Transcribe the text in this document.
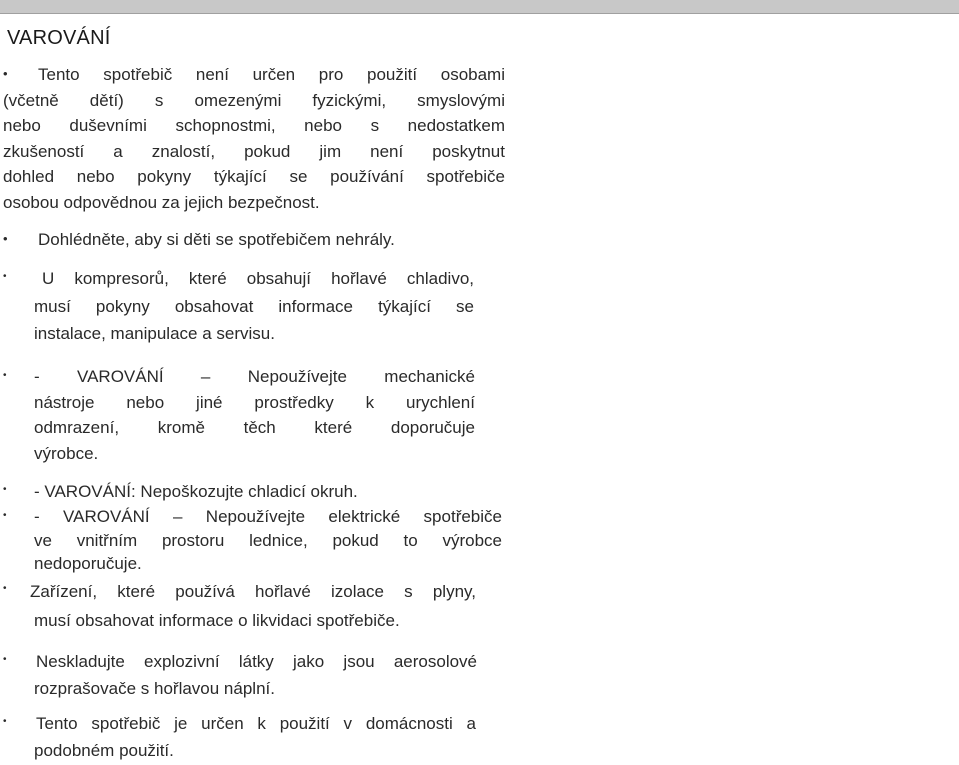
VAROVÁNÍ
•	Tento spotřebič není určen pro použití osobami
(včetně dětí) s omezenými fyzickými, smyslovými
nebo duševními schopnostmi, nebo s nedostatkem
zkušeností a znalostí, pokud jim není poskytnut
dohled nebo pokyny týkající se používání spotřebiče
osobou odpovědnou za jejich bezpečnost.
•	Dohlédněte, aby si děti se spotřebičem nehrály.
•	U kompresorů, které obsahují hořlavé chladivo,
musí pokyny obsahovat informace týkající se
instalace, manipulace a servisu.
• - VAROVÁNÍ – Nepoužívejte mechanické
nástroje nebo jiné prostředky k urychlení
odmrazení, kromě těch které doporučuje
výrobce.
• - VAROVÁNÍ: Nepoškozujte chladicí okruh.
• - VAROVÁNÍ – Nepoužívejte elektrické spotřebiče
ve vnitřním prostoru lednice, pokud to výrobce
nedoporučuje.
• Zařízení, které používá hořlavé izolace s plyny,
musí obsahovat informace o likvidaci spotřebiče.
• Neskladujte explozivní látky jako jsou aerosolové
rozprašovače s hořlavou náplní.
• Tento spotřebič je určen k použití v domácnosti a
podobném použití.
